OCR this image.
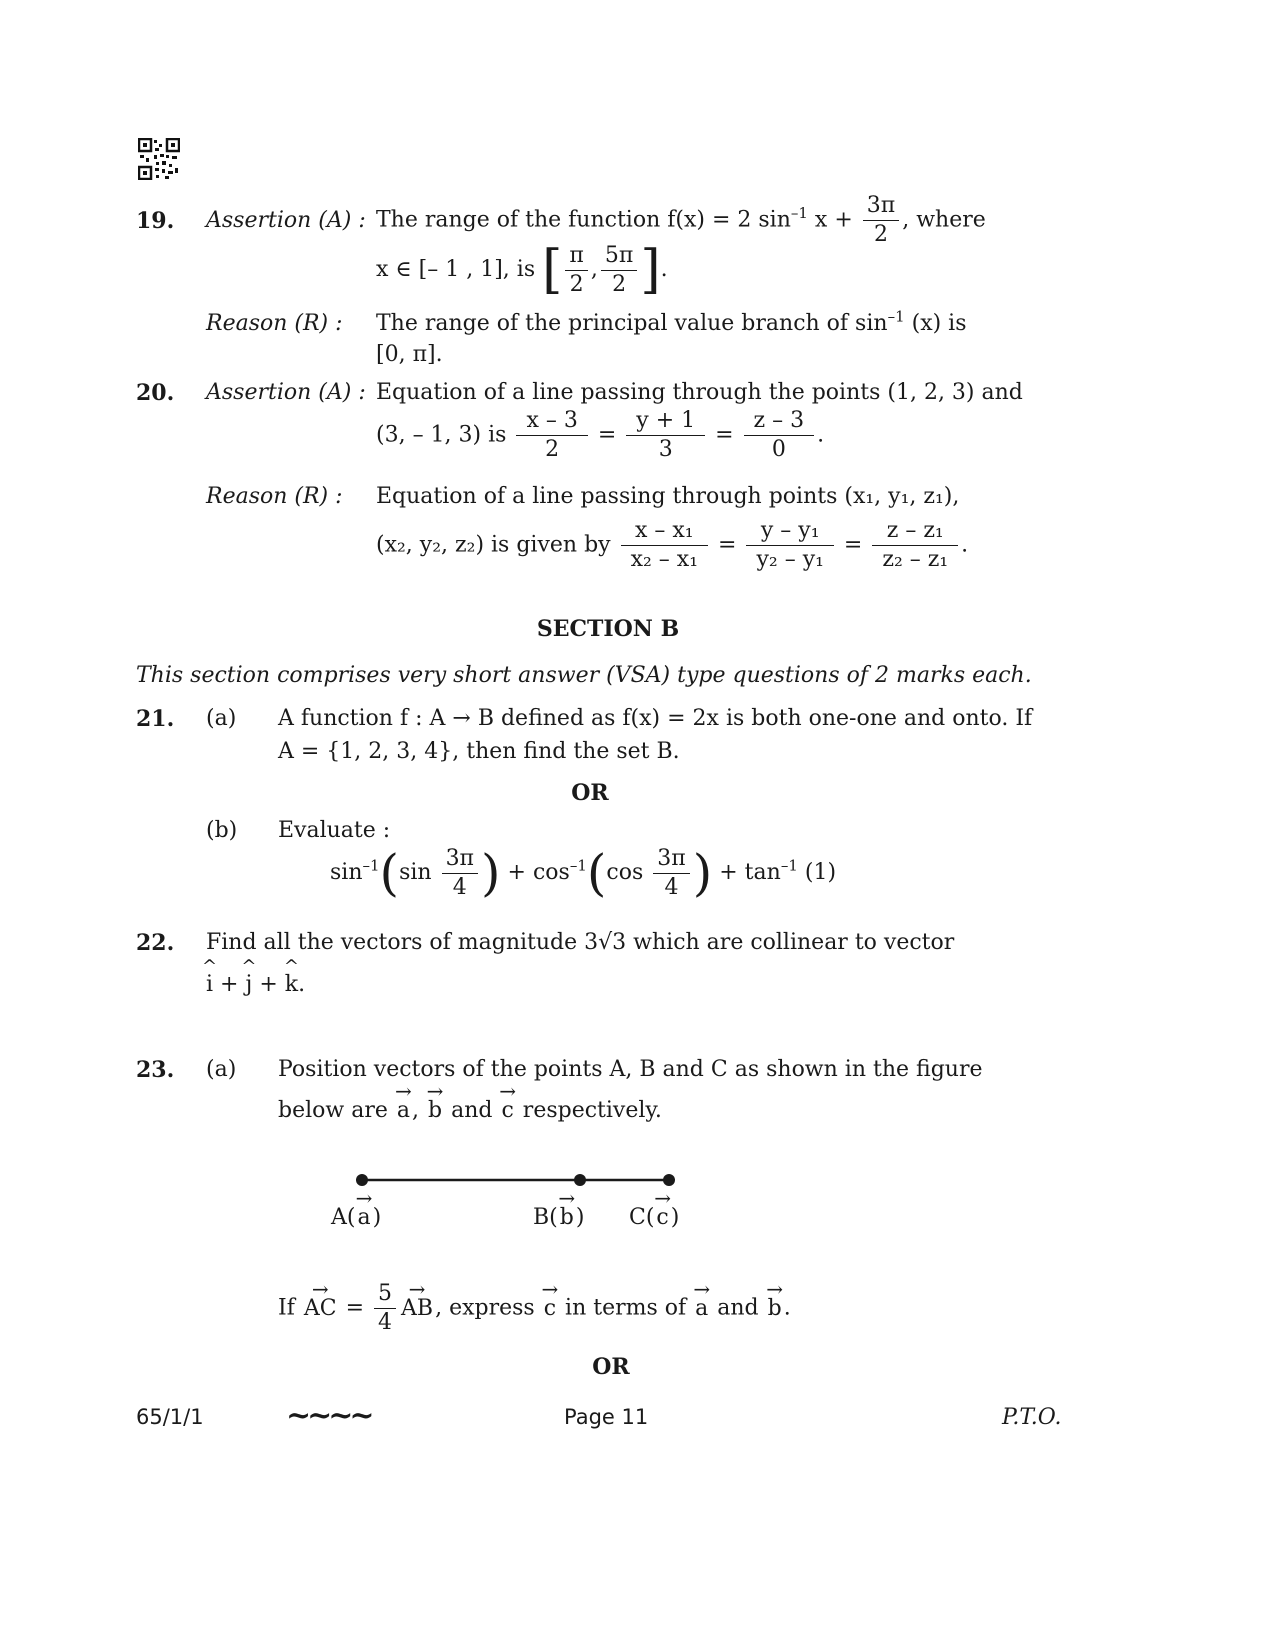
19. Assertion (A) : The range of the function f(x) = 2 $\sin^{-1} x + \frac{3\pi}{2}$ , where
x ∈ [– 1 , 1], is [ $\frac{\pi}{2}$ , $\frac{5\pi}{2}$ ].
Reason (R) : The range of the principal value branch of $\sin^{-1} (x)$ is
[0, π].
20. Assertion (A) : Equation of a line passing through the points (1, 2, 3) and
(3, – 1, 3) is $\frac{x - 3}{2} = \frac{y + 1}{3} = \frac{z - 3}{0}$ .
Reason (R) : Equation of a line passing through points (x₁, y₁, z₁),
(x₂, y₂, z₂) is given by $\frac{\text{x – x₁}}{\text{x₂ – x₁}} = \frac{\text{y – y₁}}{\text{y₂ – y₁}} = \frac{\text{z – z₁}}{\text{z₂ – z₁}}$ .
SECTION B
This section comprises very short answer (VSA) type questions of 2 marks each.
21. (a) A function f : A → B defined as f(x) = 2x is both one-one and onto. If
A = {1, 2, 3, 4}, then find the set B.
OR
(b) Evaluate :
$\sin^{-1}(\sin \frac{3\pi}{4}$ ) + $\cos^{-1}(\cos \frac{3\pi}{4}$ ) + $\tan^{-1} (1)$
22. Find all the vectors of magnitude 3√3 which are collinear to vector
^ i + ^ j + ^ k.
23. (a) Position vectors of the points A, B and C as shown in the figure
below are → a, → b and → c respectively.
A(→ a)	B(→ b) C(→ c)
If → AC = $\frac{5}{4}$ → AB, express → c in terms of → a and → b.
OR
65/1/1	~~~~	Page 11	P.T.O.
